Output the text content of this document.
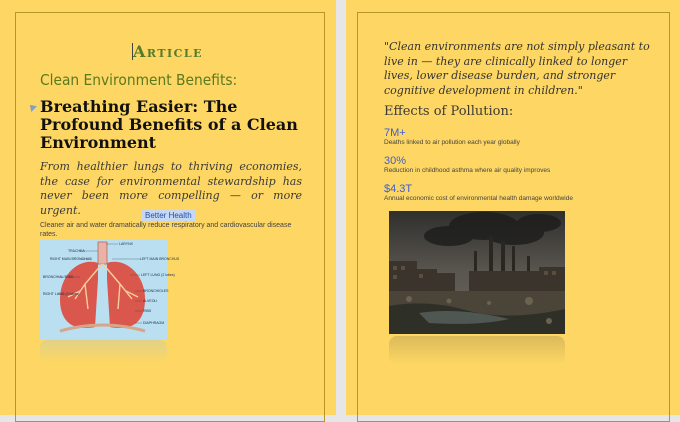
Article
Clean Environment Benefits:
Breathing Easier: The Profound Benefits of a Clean Environment
From healthier lungs to thriving economies, the case for environmental stewardship has never been more compelling — or more urgent.	Better Health
Cleaner air and water dramatically reduce respiratory and cardiovascular disease rates.
LARYNX
TRACHEA
RIGHT MAIN BRONCHUS	LEFT MAIN BRONCHUS
BRONCHIAL TREE	LEFT LUNG (2 lobes)
RIGHT LUNG (3 lobes)
BRONCHIOLES
ALVEOLI
RIBS
DIAPHRAGM
"Clean environments are not simply pleasant to live in — they are clinically linked to longer lives, lower disease burden, and stronger cognitive development in children."
Effects of Pollution:
7M+
Deaths linked to air pollution each year globally
30%
Reduction in childhood asthma where air quality improves
$4.3T
Annual economic cost of environmental health damage worldwide
